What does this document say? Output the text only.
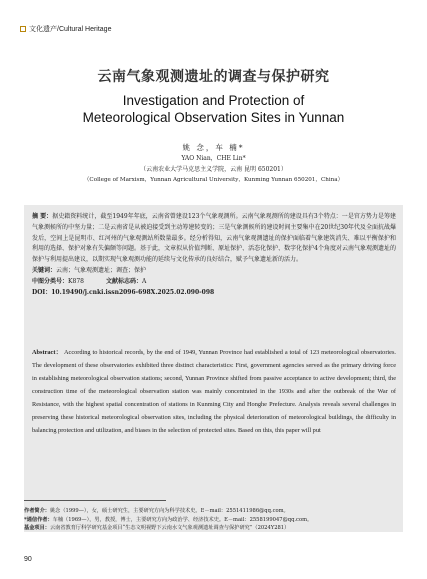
文化遗产/Cultural Heritage
云南气象观测遗址的调查与保护研究
Investigation and Protection of
Meteorological Observation Sites in Yunnan
姚 念，车 楠*
YAO Nian，CHE Lin*
（云南农业大学马克思主义学院，云南 昆明 650201）
（College of Marxism，Yunnan Agricultural University，Kunming Yunnan 650201，China）
摘 要：据史籍资料统计，截至1949年年底，云南省曾建设123个气象观测所。云南气象观测所的建设具有3个特点：一是官方势力是筹建气象测候所的中坚力量；二是云南省是从被迫接受到主动筹建转变的；三是气象测候所的建设时间主要集中在20世纪30年代及全面抗战爆发后，空间上是昆明市、红河州的气象观测站所数量最多。经分析得知，云南气象观测遗址的保护面临着气象建筑消失、难以平衡保护和利用的选择、保护对象有失偏颇等问题。基于此，文章拟从价值判断、原址保护、活态化保护、数字化保护4个角度对云南气象观测遗址的保护与利用提出建议，以期实现气象观测功能的延续与文化传承的良好结合，赋予气象遗址新的活力。
关键词：云南；气象观测遗址；调查；保护
中图分类号：K878	文献标志码：A
DOI：10.19490/j.cnki.issn2096-698X.2025.02.090-098
Abstract： According to historical records, by the end of 1949, Yunnan Province had established a total of 123 meteorological observatories. The development of these observatories exhibited three distinct characteristics: First, government agencies served as the primary driving force in establishing meteorological observation stations; second, Yunnan Province shifted from passive acceptance to active development; third, the construction time of the meteorological observation station was mainly concentrated in the 1930s and after the outbreak of the War of Resistance, with the highest spatial concentration of stations in Kunming City and Honghe Prefecture. Analysis reveals several challenges in preserving these historical meteorological observation sites, including the physical deterioration of meteorological buildings, the difficulty in balancing protection and utilization, and biases in the selection of protected sites. Based on this, this paper will put
作者简介：姚念（1999—），女，硕士研究生，主要研究方向为科学技术史。E－mail：2551411986@qq.com。
*通信作者：车楠（1969—），男，教授，博士，主要研究方向为政治学、经济技术史。E－mail：255819904​7@qq.com。
基金项目：云南省教育厅科学研究基金项目“生态文明视野下云南水文气象观测遗址调查与保护研究”（2024Y281）
90
